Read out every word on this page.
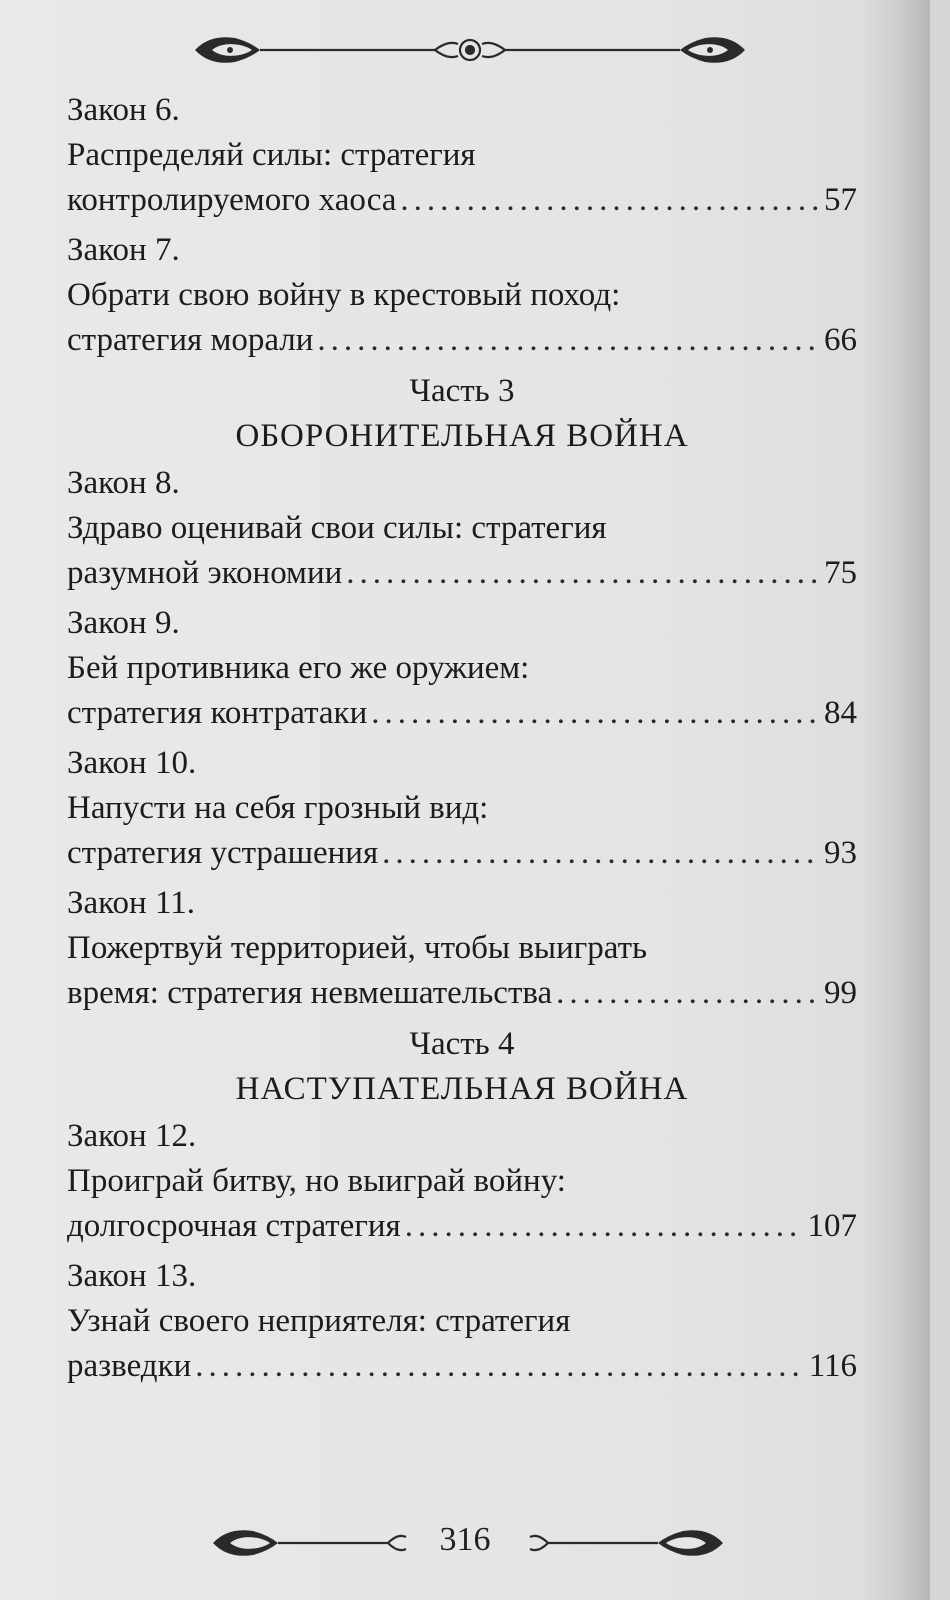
Закон 6.
Распределяй силы: стратегия
контролируемого хаоса .....	57
Закон 7.
Обрати свою войну в крестовый поход:
стратегия морали .....	66
Часть 3
ОБОРОНИТЕЛЬНАЯ ВОЙНА
Закон 8.
Здраво оценивай свои силы: стратегия
разумной экономии .....	75
Закон 9.
Бей противника его же оружием:
стратегия контратаки .....	84
Закон 10.
Напусти на себя грозный вид:
стратегия устрашения .....	93
Закон 11.
Пожертвуй территорией, чтобы выиграть
время: стратегия невмешательства .....	99
Часть 4
НАСТУПАТЕЛЬНАЯ ВОЙНА
Закон 12.
Проиграй битву, но выиграй войну:
долгосрочная стратегия .....	107
Закон 13.
Узнай своего неприятеля: стратегия
разведки .....	116
316
